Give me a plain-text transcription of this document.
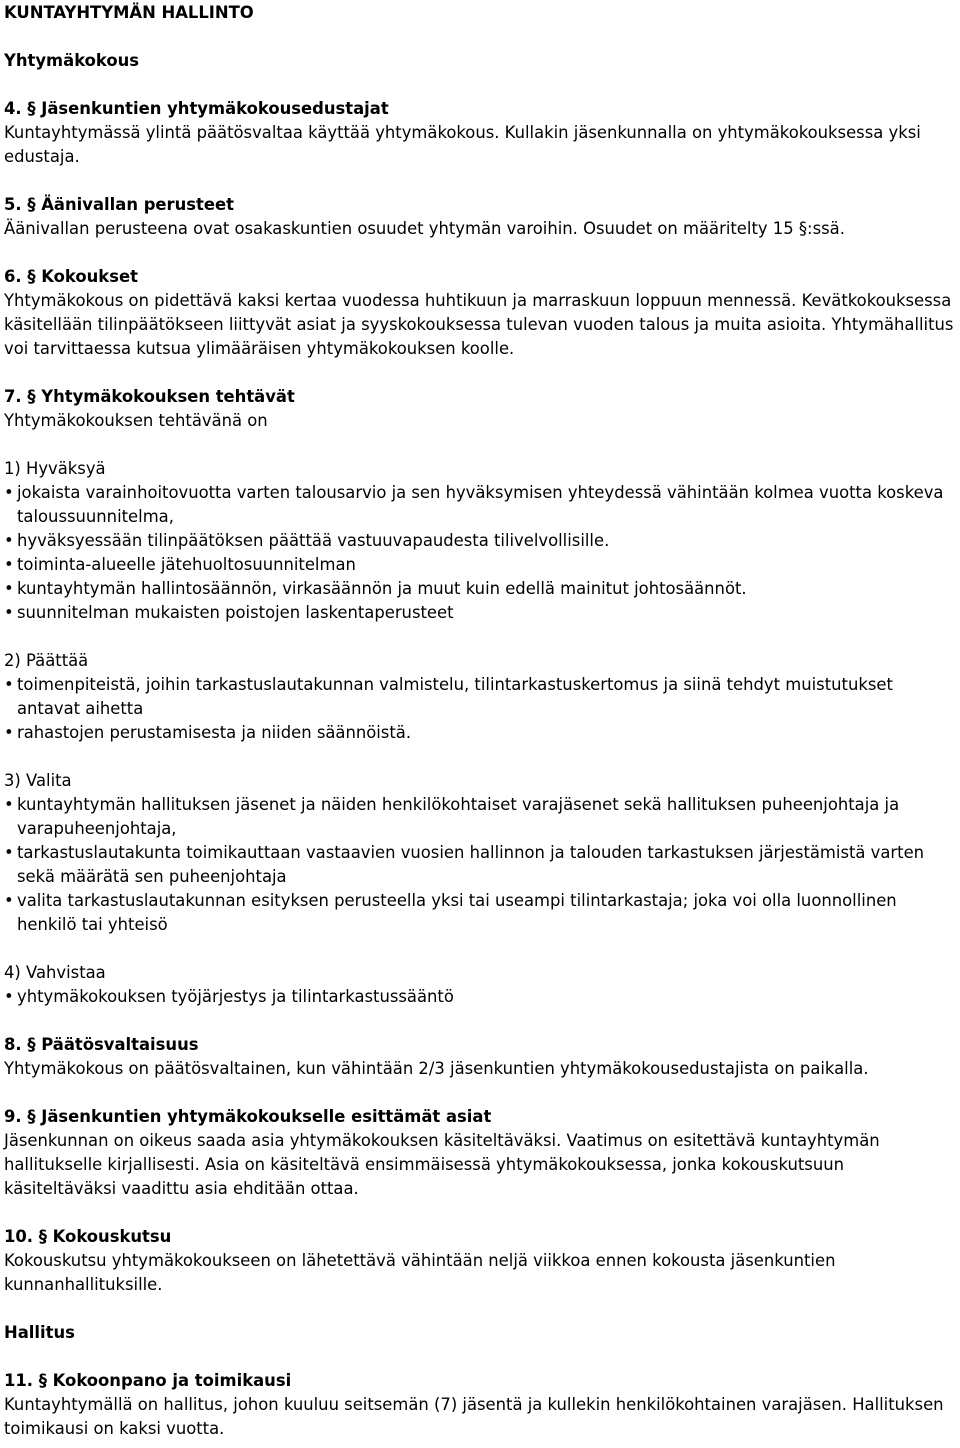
KUNTAYHTYMÄN HALLINTO
Yhtymäkokous
4. § Jäsenkuntien yhtymäkokousedustajat
Kuntayhtymässä ylintä päätösvaltaa käyttää yhtymäkokous. Kullakin jäsenkunnalla on yhtymäkokouksessa yksi edustaja.
5. § Äänivallan perusteet
Äänivallan perusteena ovat osakaskuntien osuudet yhtymän varoihin. Osuudet on määritelty 15 §:ssä.
6. § Kokoukset
Yhtymäkokous on pidettävä kaksi kertaa vuodessa huhtikuun ja marraskuun loppuun mennessä. Kevätkokouksessa käsitellään tilinpäätökseen liittyvät asiat ja syyskokouksessa tulevan vuoden talous ja muita asioita. Yhtymähallitus voi tarvittaessa kutsua ylimääräisen yhtymäkokouksen koolle.
7. § Yhtymäkokouksen tehtävät
Yhtymäkokouksen tehtävänä on
1) Hyväksyä
• jokaista varainhoitovuotta varten talousarvio ja sen hyväksymisen yhteydessä vähintään kolmea vuotta koskeva taloussuunnitelma,
• hyväksyessään tilinpäätöksen päättää vastuuvapaudesta tilivelvollisille.
• toiminta-alueelle jätehuoltosuunnitelman
• kuntayhtymän hallintosäännön, virkasäännön ja muut kuin edellä mainitut johtosäännöt.
• suunnitelman mukaisten poistojen laskentaperusteet
2) Päättää
• toimenpiteistä, joihin tarkastuslautakunnan valmistelu, tilintarkastuskertomus ja siinä tehdyt muistutukset antavat aihetta
• rahastojen perustamisesta ja niiden säännöistä.
3) Valita
• kuntayhtymän hallituksen jäsenet ja näiden henkilökohtaiset varajäsenet sekä hallituksen puheenjohtaja ja varapuheenjohtaja,
• tarkastuslautakunta toimikauttaan vastaavien vuosien hallinnon ja talouden tarkastuksen järjestämistä varten sekä määrätä sen puheenjohtaja
• valita tarkastuslautakunnan esityksen perusteella yksi tai useampi tilintarkastaja; joka voi olla luonnollinen henkilö tai yhteisö
4) Vahvistaa
• yhtymäkokouksen työjärjestys ja tilintarkastussääntö
8. § Päätösvaltaisuus
Yhtymäkokous on päätösvaltainen, kun vähintään 2/3 jäsenkuntien yhtymäkokousedustajista on paikalla.
9. § Jäsenkuntien yhtymäkokoukselle esittämät asiat
Jäsenkunnan on oikeus saada asia yhtymäkokouksen käsiteltäväksi. Vaatimus on esitettävä kuntayhtymän hallitukselle kirjallisesti. Asia on käsiteltävä ensimmäisessä yhtymäkokouksessa, jonka kokouskutsuun käsiteltäväksi vaadittu asia ehditään ottaa.
10. § Kokouskutsu
Kokouskutsu yhtymäkokoukseen on lähetettävä vähintään neljä viikkoa ennen kokousta jäsenkuntien kunnanhallituksille.
Hallitus
11. § Kokoonpano ja toimikausi
Kuntayhtymällä on hallitus, johon kuuluu seitsemän (7) jäsentä ja kullekin henkilökohtainen varajäsen. Hallituksen toimikausi on kaksi vuotta.
